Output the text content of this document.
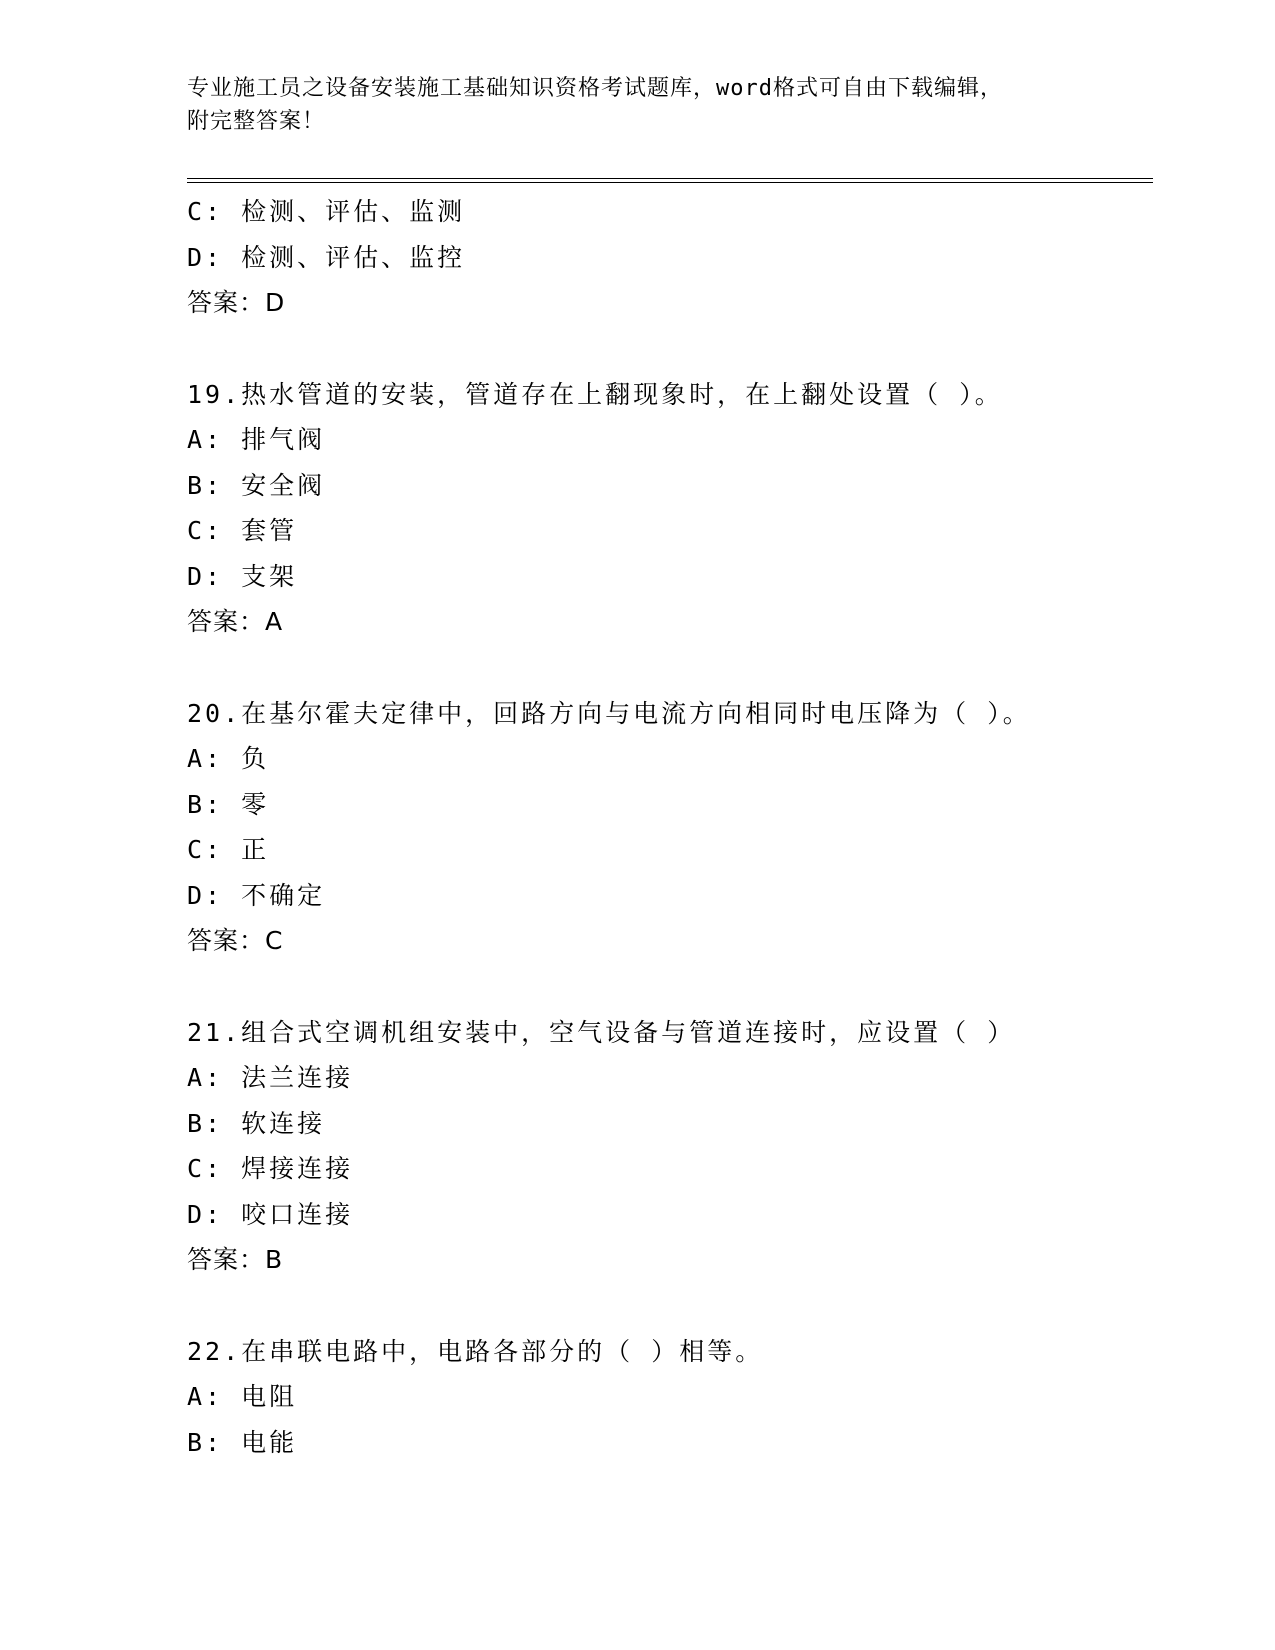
专业施工员之设备安装施工基础知识资格考试题库，word格式可自由下载编辑，
附完整答案！
C: 检测、评估、监测
D: 检测、评估、监控
答案：D
19.热水管道的安装，管道存在上翻现象时，在上翻处设置（ ）。
A: 排气阀
B: 安全阀
C: 套管
D: 支架
答案：A
20.在基尔霍夫定律中，回路方向与电流方向相同时电压降为（ ）。
A: 负
B: 零
C: 正
D: 不确定
答案：C
21.组合式空调机组安装中，空气设备与管道连接时，应设置（ ）
A: 法兰连接
B: 软连接
C: 焊接连接
D: 咬口连接
答案：B
22.在串联电路中，电路各部分的（ ）相等。
A: 电阻
B: 电能
